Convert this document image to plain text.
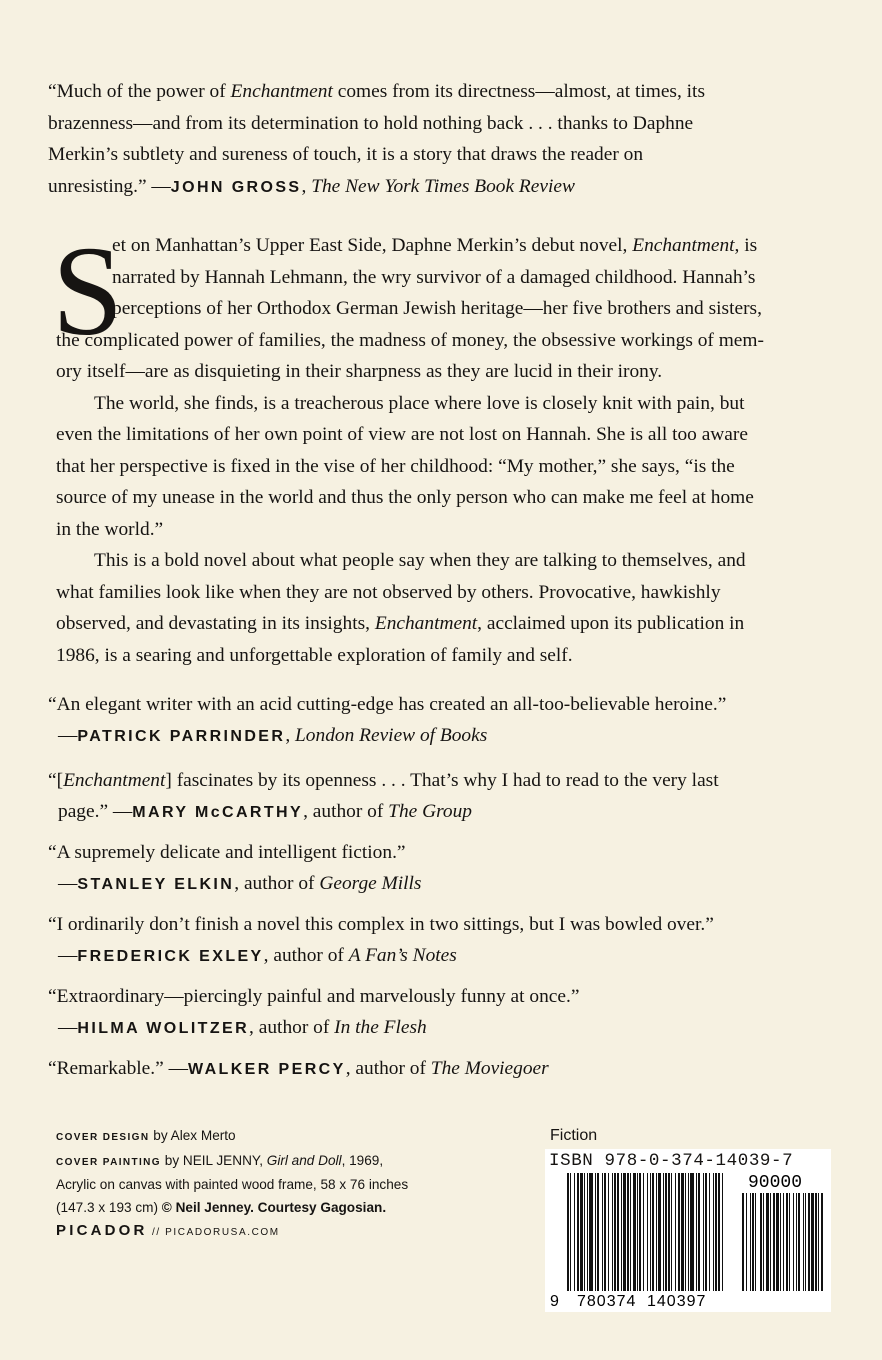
“Much of the power of Enchantment comes from its directness—almost, at times, its
brazenness—and from its determination to hold nothing back . . . thanks to Daphne
Merkin’s subtlety and sureness of touch, it is a story that draws the reader on
unresisting.” —JOHN GROSS, The New York Times Book Review
S
et on Manhattan’s Upper East Side, Daphne Merkin’s debut novel, Enchantment, is
narrated by Hannah Lehmann, the wry survivor of a damaged childhood. Hannah’s
perceptions of her Orthodox German Jewish heritage—her five brothers and sisters,
the complicated power of families, the madness of money, the obsessive workings of mem-
ory itself—are as disquieting in their sharpness as they are lucid in their irony.
The world, she finds, is a treacherous place where love is closely knit with pain, but
even the limitations of her own point of view are not lost on Hannah. She is all too aware
that her perspective is fixed in the vise of her childhood: “My mother,” she says, “is the
source of my unease in the world and thus the only person who can make me feel at home
in the world.”
This is a bold novel about what people say when they are talking to themselves, and
what families look like when they are not observed by others. Provocative, hawkishly
observed, and devastating in its insights, Enchantment, acclaimed upon its publication in
1986, is a searing and unforgettable exploration of family and self.
“An elegant writer with an acid cutting-edge has created an all-too-believable heroine.”
—PATRICK PARRINDER, London Review of Books
“[Enchantment] fascinates by its openness . . . That’s why I had to read to the very last
page.” —MARY McCARTHY, author of The Group
“A supremely delicate and intelligent fiction.”
—STANLEY ELKIN, author of George Mills
“I ordinarily don’t finish a novel this complex in two sittings, but I was bowled over.”
—FREDERICK EXLEY, author of A Fan’s Notes
“Extraordinary—piercingly painful and marvelously funny at once.”
—HILMA WOLITZER, author of In the Flesh
“Remarkable.” —WALKER PERCY, author of The Moviegoer
COVER DESIGN by Alex Merto
COVER PAINTING by NEIL JENNY, Girl and Doll, 1969,
Acrylic on canvas with painted wood frame, 58 x 76 inches
(147.3 x 193 cm) © Neil Jenney. Courtesy Gagosian.
PICADOR // PICADORUSA.COM
Fiction
ISBN 978-0-374-14039-7
90000
9 780374 140397
